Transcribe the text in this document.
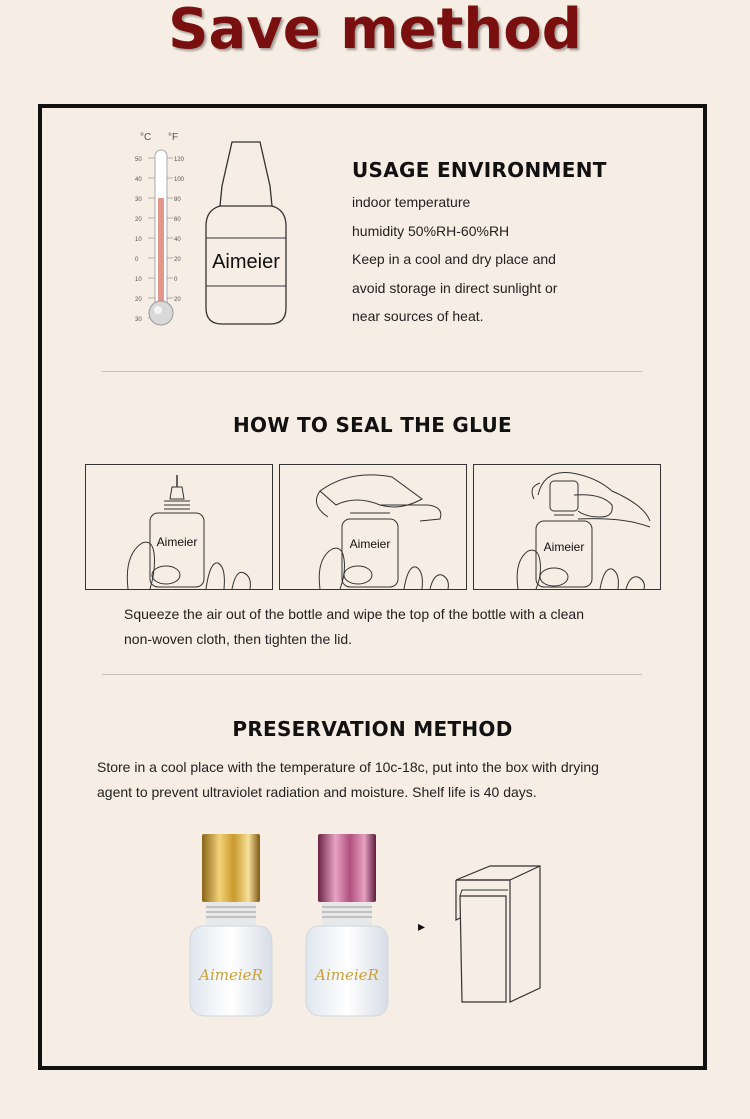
Save method
°C °F
50
40
30
20
10
0
10
20
30
120
100
80
60
40
20
0
20
Aimeier
USAGE ENVIRONMENT

indoor temperature

humidity 50%RH-60%RH

Keep in a cool and dry place and

avoid storage in direct sunlight or

near sources of heat.

HOW TO SEAL THE GLUE
Aimeier	Aimeier	Aimeier

Squeeze the air out of the bottle and wipe the top of the bottle with a clean

non-woven cloth, then tighten the lid.

PRESERVATION METHOD

Store in a cool place with the temperature of 10c-18c, put into the box with drying

agent to prevent ultraviolet radiation and moisture. Shelf life is 40 days.

AimeieR	AimeieR
▸
